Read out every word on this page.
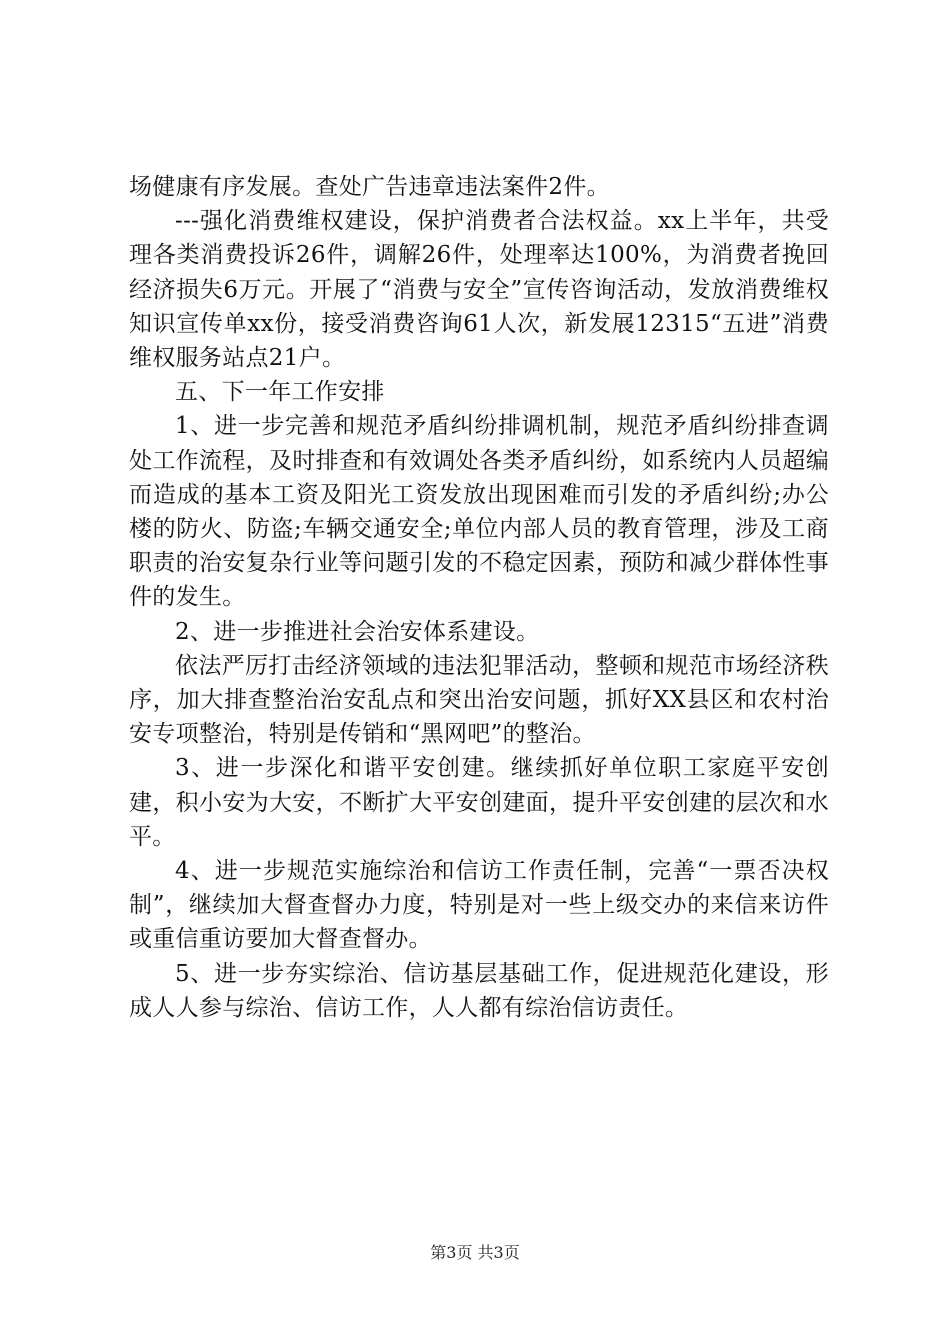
场健康有序发展。查处广告违章违法案件2件。

---强化消费维权建设，保护消费者合法权益。xx上半年，共受理各类消费投诉26件，调解26件，处理率达100%，为消费者挽回经济损失6万元。开展了“消费与安全”宣传咨询活动，发放消费维权知识宣传单xx份，接受消费咨询61人次，新发展12315“五进”消费维权服务站点21户。

五、下一年工作安排

1、进一步完善和规范矛盾纠纷排调机制，规范矛盾纠纷排查调处工作流程，及时排查和有效调处各类矛盾纠纷，如系统内人员超编而造成的基本工资及阳光工资发放出现困难而引发的矛盾纠纷;办公楼的防火、防盗;车辆交通安全;单位内部人员的教育管理，涉及工商职责的治安复杂行业等问题引发的不稳定因素，预防和减少群体性事件的发生。

2、进一步推进社会治安体系建设。

依法严厉打击经济领域的违法犯罪活动，整顿和规范市场经济秩序，加大排查整治治安乱点和突出治安问题，抓好XX县区和农村治安专项整治，特别是传销和“黑网吧”的整治。

3、进一步深化和谐平安创建。继续抓好单位职工家庭平安创建，积小安为大安，不断扩大平安创建面，提升平安创建的层次和水平。

4、进一步规范实施综治和信访工作责任制，完善“一票否决权制”，继续加大督查督办力度，特别是对一些上级交办的来信来访件或重信重访要加大督查督办。

5、进一步夯实综治、信访基层基础工作，促进规范化建设，形成人人参与综治、信访工作，人人都有综治信访责任。

第3页 共3页
